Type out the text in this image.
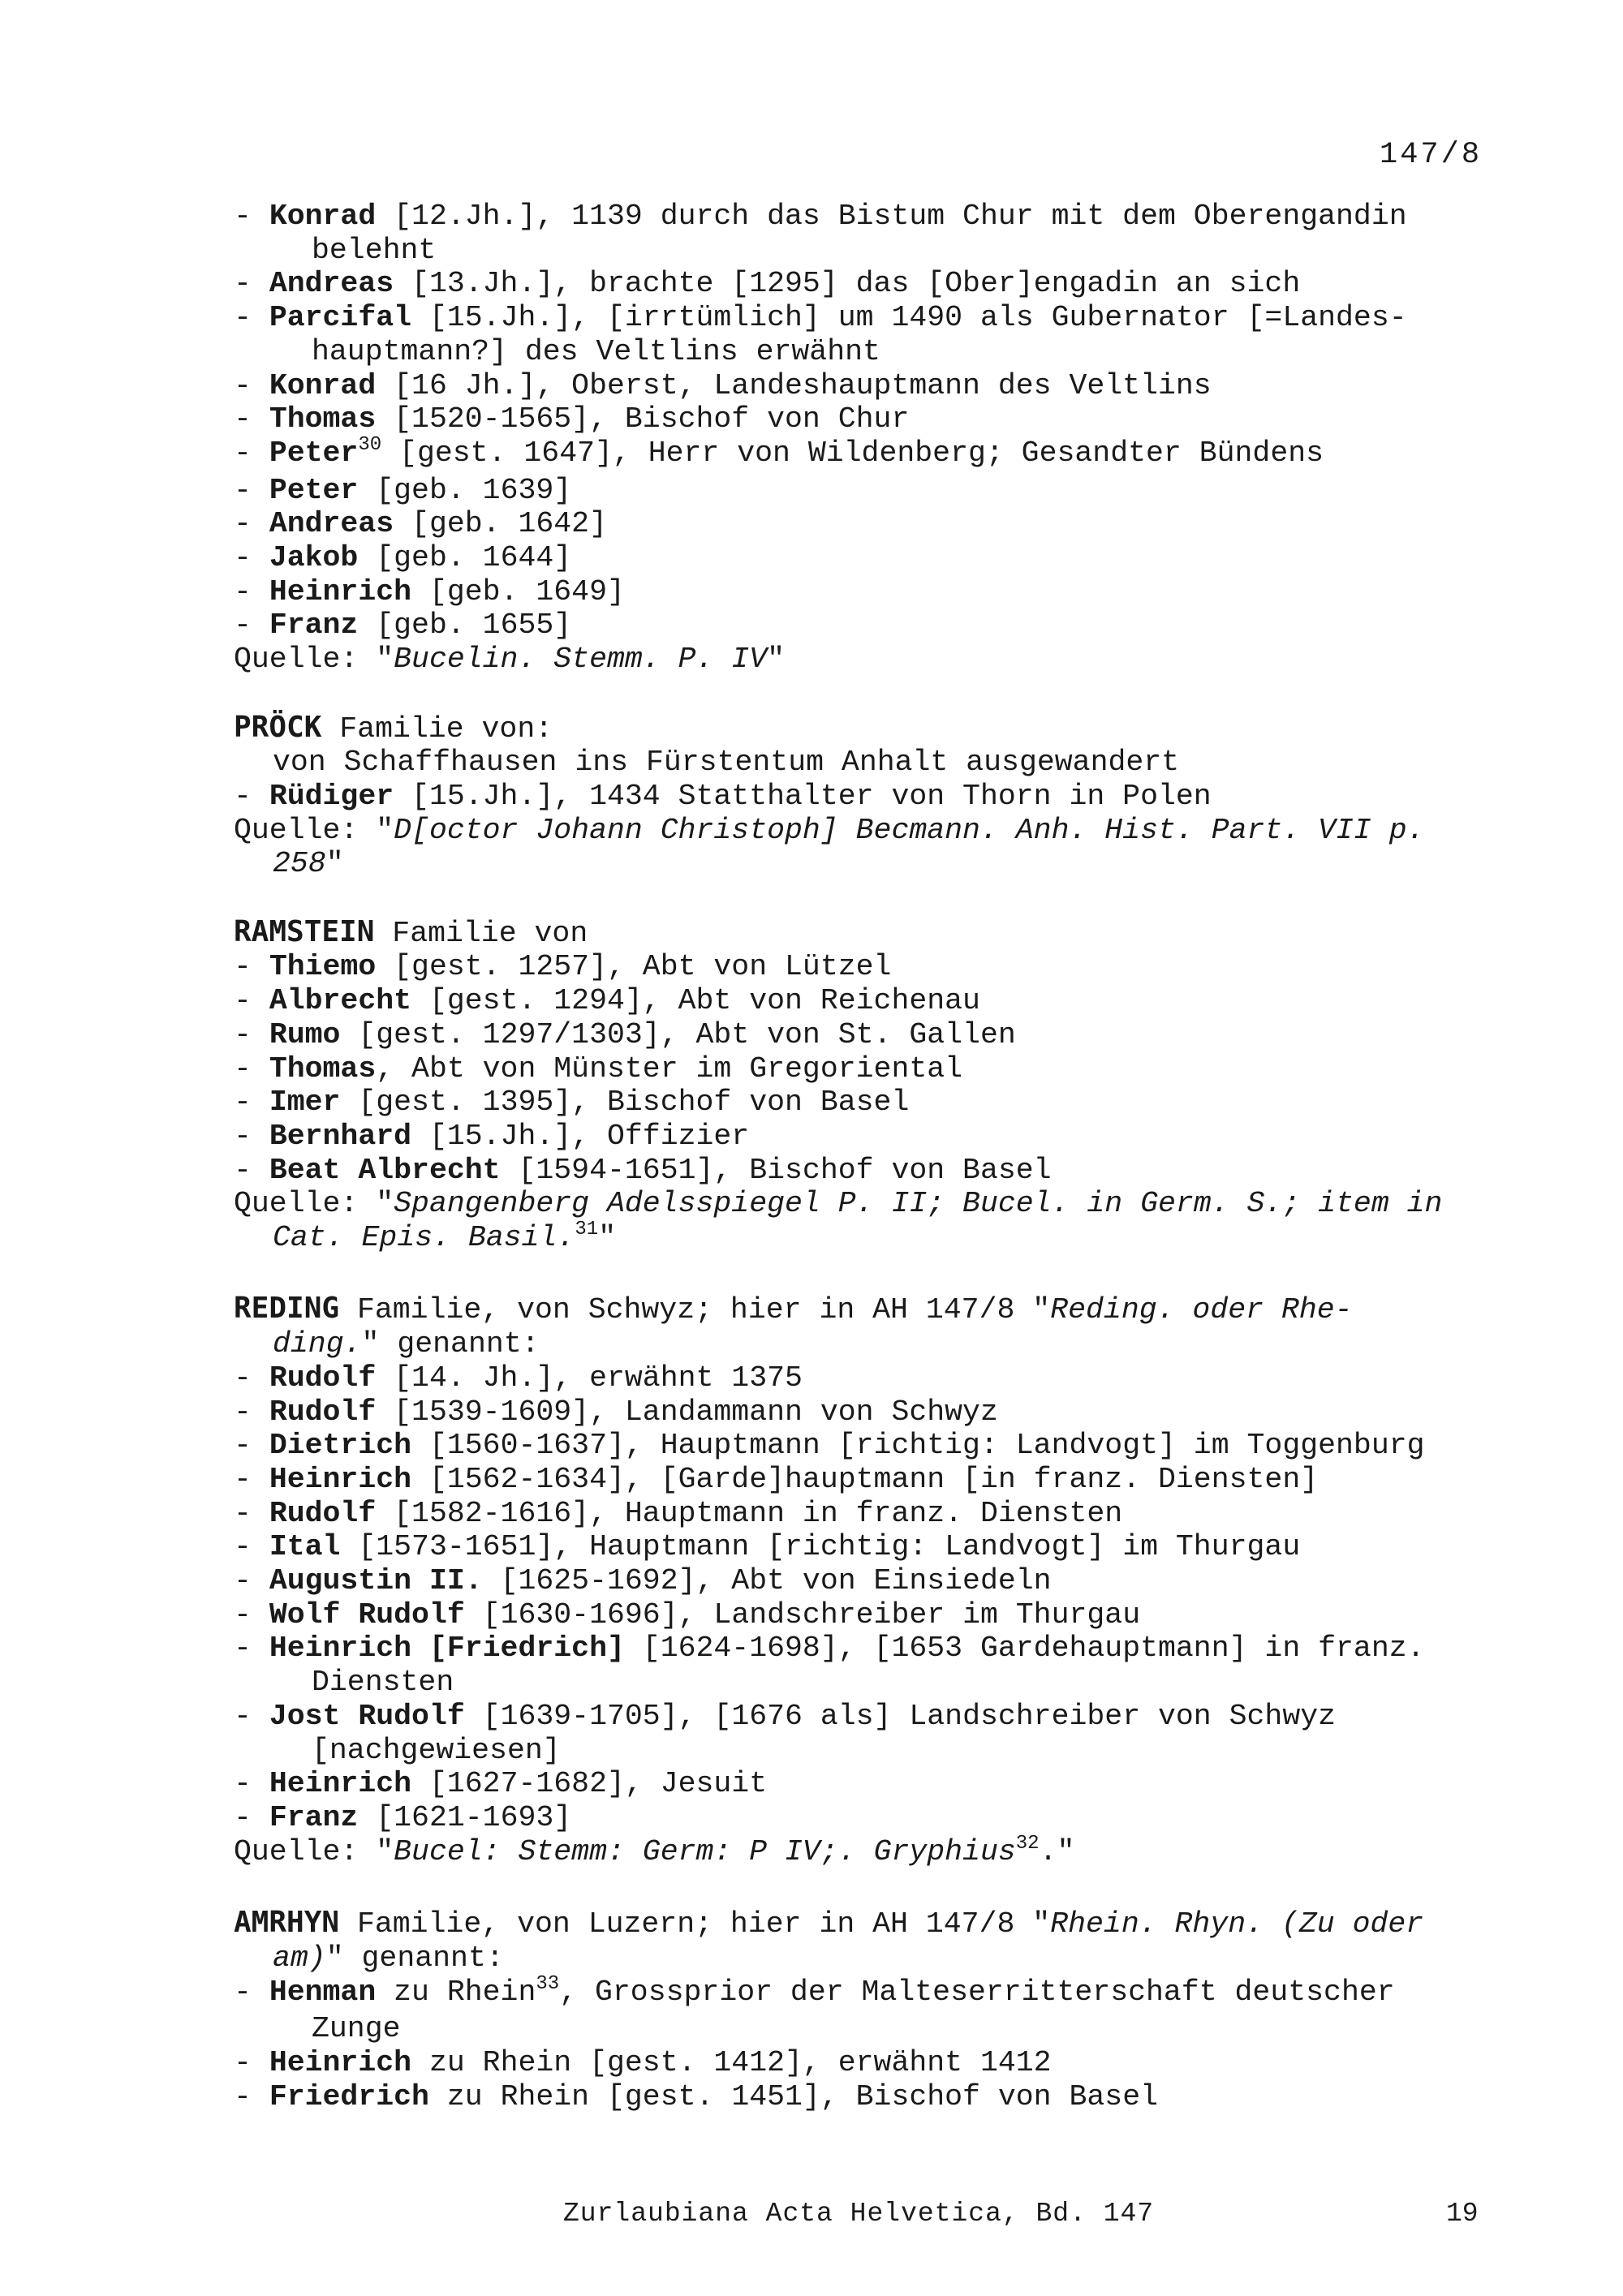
147/8
- Konrad [12.Jh.], 1139 durch das Bistum Chur mit dem Oberengandin
belehnt
- Andreas [13.Jh.], brachte [1295] das [Ober]engadin an sich
- Parcifal [15.Jh.], [irrtümlich] um 1490 als Gubernator [=Landes-
hauptmann?] des Veltlins erwähnt
- Konrad [16 Jh.], Oberst, Landeshauptmann des Veltlins
- Thomas [1520-1565], Bischof von Chur
- Peter$^{30}$ [gest. 1647], Herr von Wildenberg; Gesandter Bündens
- Peter [geb. 1639]
- Andreas [geb. 1642]
- Jakob [geb. 1644]
- Heinrich [geb. 1649]
- Franz [geb. 1655]
Quelle: "Bucelin. Stemm. P. IV"
PRÖCK Familie von:
von Schaffhausen ins Fürstentum Anhalt ausgewandert
- Rüdiger [15.Jh.], 1434 Statthalter von Thorn in Polen
Quelle: "D[octor Johann Christoph] Becmann. Anh. Hist. Part. VII p.
258"
RAMSTEIN Familie von
- Thiemo [gest. 1257], Abt von Lützel
- Albrecht [gest. 1294], Abt von Reichenau
- Rumo [gest. 1297/1303], Abt von St. Gallen
- Thomas, Abt von Münster im Gregoriental
- Imer [gest. 1395], Bischof von Basel
- Bernhard [15.Jh.], Offizier
- Beat Albrecht [1594-1651], Bischof von Basel
Quelle: "Spangenberg Adelsspiegel P. II; Bucel. in Germ. S.; item in
Cat. Epis. Basil.$^{31}$"
REDING Familie, von Schwyz; hier in AH 147/8 "Reding. oder Rhe-
ding." genannt:
- Rudolf [14. Jh.], erwähnt 1375
- Rudolf [1539-1609], Landammann von Schwyz
- Dietrich [1560-1637], Hauptmann [richtig: Landvogt] im Toggenburg
- Heinrich [1562-1634], [Garde]hauptmann [in franz. Diensten]
- Rudolf [1582-1616], Hauptmann in franz. Diensten
- Ital [1573-1651], Hauptmann [richtig: Landvogt] im Thurgau
- Augustin II. [1625-1692], Abt von Einsiedeln
- Wolf Rudolf [1630-1696], Landschreiber im Thurgau
- Heinrich [Friedrich] [1624-1698], [1653 Gardehauptmann] in franz.
Diensten
- Jost Rudolf [1639-1705], [1676 als] Landschreiber von Schwyz
[nachgewiesen]
- Heinrich [1627-1682], Jesuit
- Franz [1621-1693]
Quelle: "Bucel: Stemm: Germ: P IV;. Gryphius$^{32}$."
AMRHYN Familie, von Luzern; hier in AH 147/8 "Rhein. Rhyn. (Zu oder
am)" genannt:
- Henman zu Rhein$^{33}$, Grossprior der Malteserritterschaft deutscher
Zunge
- Heinrich zu Rhein [gest. 1412], erwähnt 1412
- Friedrich zu Rhein [gest. 1451], Bischof von Basel
Zurlaubiana Acta Helvetica, Bd. 147	19
